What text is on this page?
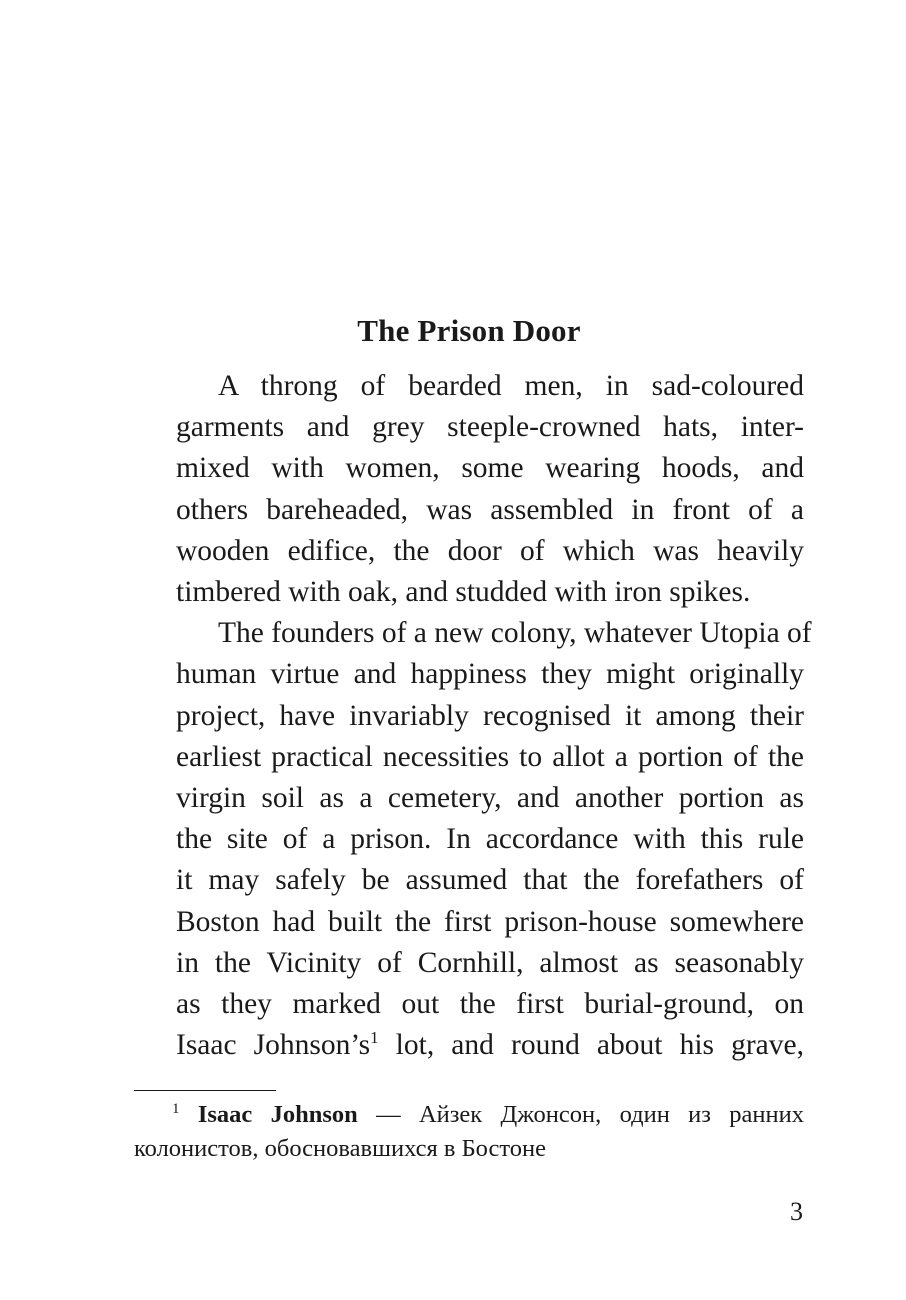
The Prison Door

A throng of bearded men, in sad-coloured
garments and grey steeple-crowned hats, inter-
mixed with women, some wearing hoods, and
others bareheaded, was assembled in front of a
wooden edifice, the door of which was heavily
timbered with oak, and studded with iron spikes.

The founders of a new colony, whatever Utopia of
human virtue and happiness they might originally
project, have invariably recognised it among their
earliest practical necessities to allot a portion of the
virgin soil as a cemetery, and another portion as
the site of a prison. In accordance with this rule
it may safely be assumed that the forefathers of
Boston had built the first prison-house somewhere
in the Vicinity of Cornhill, almost as seasonably
as they marked out the first burial-ground, on
Isaac Johnson’s$^1$ lot, and round about his grave,

$^1$ Isaac Johnson — Айзек Джонсон, один из ранних
колонистов, обосновавшихся в Бостоне
3
